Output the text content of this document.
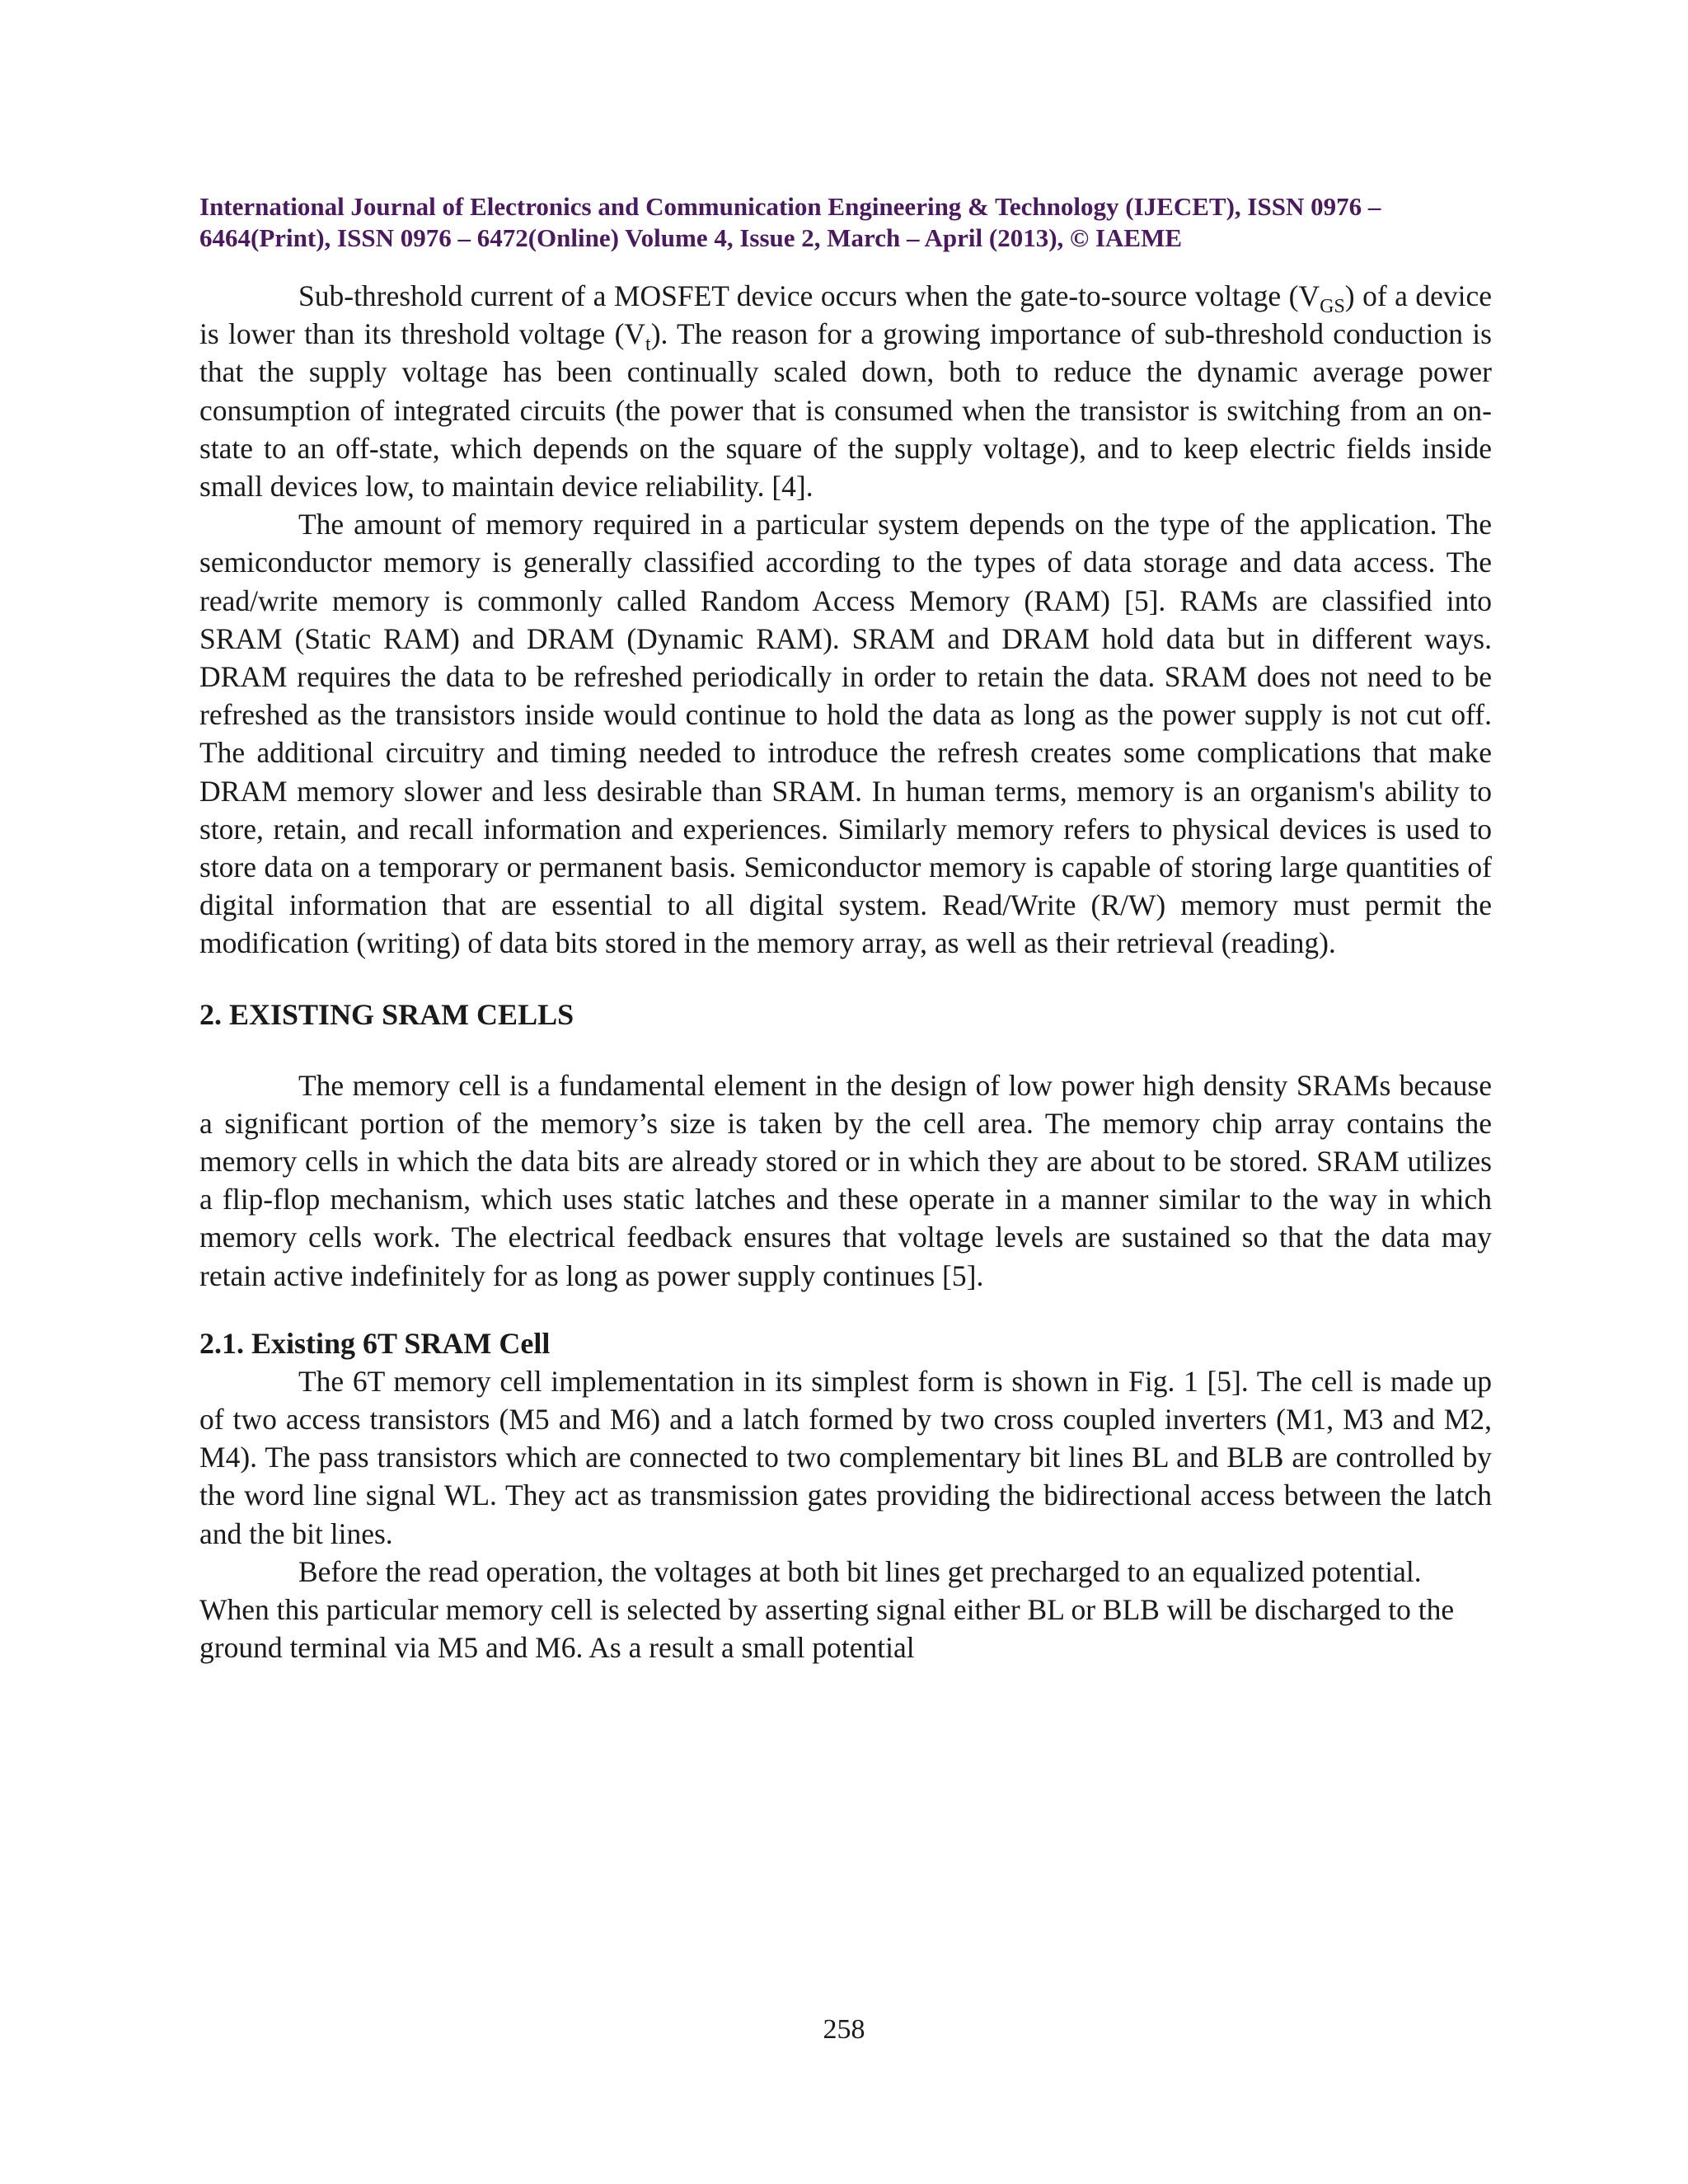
International Journal of Electronics and Communication Engineering & Technology (IJECET), ISSN 0976 –
6464(Print), ISSN 0976 – 6472(Online) Volume 4, Issue 2, March – April (2013), © IAEME

Sub-threshold current of a MOSFET device occurs when the gate-to-source voltage $(V_{GS})$ of a device is lower than its threshold voltage $(V_t)$. The reason for a growing importance of sub-threshold conduction is that the supply voltage has been continually scaled down, both to reduce the dynamic average power consumption of integrated circuits (the power that is consumed when the transistor is switching from an on-state to an off-state, which depends on the square of the supply voltage), and to keep electric fields inside small devices low, to maintain device reliability. [4].

The amount of memory required in a particular system depends on the type of the application. The semiconductor memory is generally classified according to the types of data storage and data access. The read/write memory is commonly called Random Access Memory (RAM) [5]. RAMs are classified into SRAM (Static RAM) and DRAM (Dynamic RAM). SRAM and DRAM hold data but in different ways. DRAM requires the data to be refreshed periodically in order to retain the data. SRAM does not need to be refreshed as the transistors inside would continue to hold the data as long as the power supply is not cut off. The additional circuitry and timing needed to introduce the refresh creates some complications that make DRAM memory slower and less desirable than SRAM. In human terms, memory is an organism's ability to store, retain, and recall information and experiences. Similarly memory refers to physical devices is used to store data on a temporary or permanent basis. Semiconductor memory is capable of storing large quantities of digital information that are essential to all digital system. Read/Write (R/W) memory must permit the modification (writing) of data bits stored in the memory array, as well as their retrieval (reading).

2. EXISTING SRAM CELLS

The memory cell is a fundamental element in the design of low power high density SRAMs because a significant portion of the memory’s size is taken by the cell area. The memory chip array contains the memory cells in which the data bits are already stored or in which they are about to be stored. SRAM utilizes a flip-flop mechanism, which uses static latches and these operate in a manner similar to the way in which memory cells work. The electrical feedback ensures that voltage levels are sustained so that the data may retain active indefinitely for as long as power supply continues [5].

2.1. Existing 6T SRAM Cell

The 6T memory cell implementation in its simplest form is shown in Fig. 1 [5]. The cell is made up of two access transistors (M5 and M6) and a latch formed by two cross coupled inverters (M1, M3 and M2, M4). The pass transistors which are connected to two complementary bit lines BL and BLB are controlled by the word line signal WL. They act as transmission gates providing the bidirectional access between the latch and the bit lines.

Before the read operation, the voltages at both bit lines get precharged to an equalized potential. When this particular memory cell is selected by asserting signal either BL or BLB will be discharged to the ground terminal via M5 and M6. As a result a small potential

258
